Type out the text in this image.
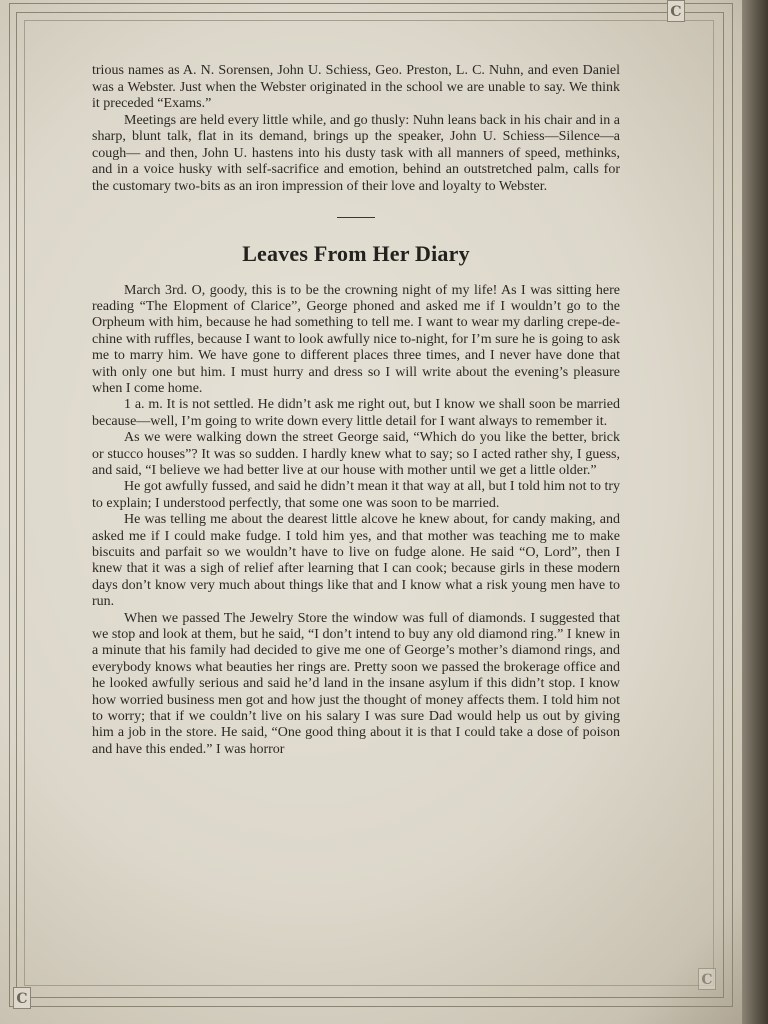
C
C
C

trious names as A. N. Sorensen, John U. Schiess, Geo. Preston, L. C. Nuhn, and even Daniel was a Webster. Just when the Webster originated in the school we are unable to say. We think it preceded “Exams.”

Meetings are held every little while, and go thusly: Nuhn leans back in his chair and in a sharp, blunt talk, flat in its demand, brings up the speaker, John U. Schiess—Silence—a cough— and then, John U. hastens into his dusty task with all manners of speed, methinks, and in a voice husky with self-sacrifice and emotion, behind an outstretched palm, calls for the customary two-bits as an iron impression of their love and loyalty to Webster.

Leaves From Her Diary

March 3rd. O, goody, this is to be the crowning night of my life! As I was sitting here reading “The Elopment of Clarice”, George phoned and asked me if I wouldn’t go to the Orpheum with him, because he had something to tell me. I want to wear my darling crepe-de-chine with ruffles, because I want to look awfully nice to-night, for I’m sure he is going to ask me to marry him. We have gone to different places three times, and I never have done that with only one but him. I must hurry and dress so I will write about the evening’s pleasure when I come home.

1 a. m. It is not settled. He didn’t ask me right out, but I know we shall soon be married because—well, I’m going to write down every little detail for I want always to remember it.

As we were walking down the street George said, “Which do you like the better, brick or stucco houses”? It was so sudden. I hardly knew what to say; so I acted rather shy, I guess, and said, “I believe we had better live at our house with mother until we get a little older.”

He got awfully fussed, and said he didn’t mean it that way at all, but I told him not to try to explain; I understood perfectly, that some one was soon to be married.

He was telling me about the dearest little alcove he knew about, for candy making, and asked me if I could make fudge. I told him yes, and that mother was teaching me to make biscuits and parfait so we wouldn’t have to live on fudge alone. He said “O, Lord”, then I knew that it was a sigh of relief after learning that I can cook; because girls in these modern days don’t know very much about things like that and I know what a risk young men have to run.

When we passed The Jewelry Store the window was full of diamonds. I suggested that we stop and look at them, but he said, “I don’t intend to buy any old diamond ring.” I knew in a minute that his family had decided to give me one of George’s mother’s diamond rings, and everybody knows what beauties her rings are. Pretty soon we passed the brokerage office and he looked awfully serious and said he’d land in the insane asylum if this didn’t stop. I know how worried business men got and how just the thought of money affects them. I told him not to worry; that if we couldn’t live on his salary I was sure Dad would help us out by giving him a job in the store. He said, “One good thing about it is that I could take a dose of poison and have this ended.” I was horror
